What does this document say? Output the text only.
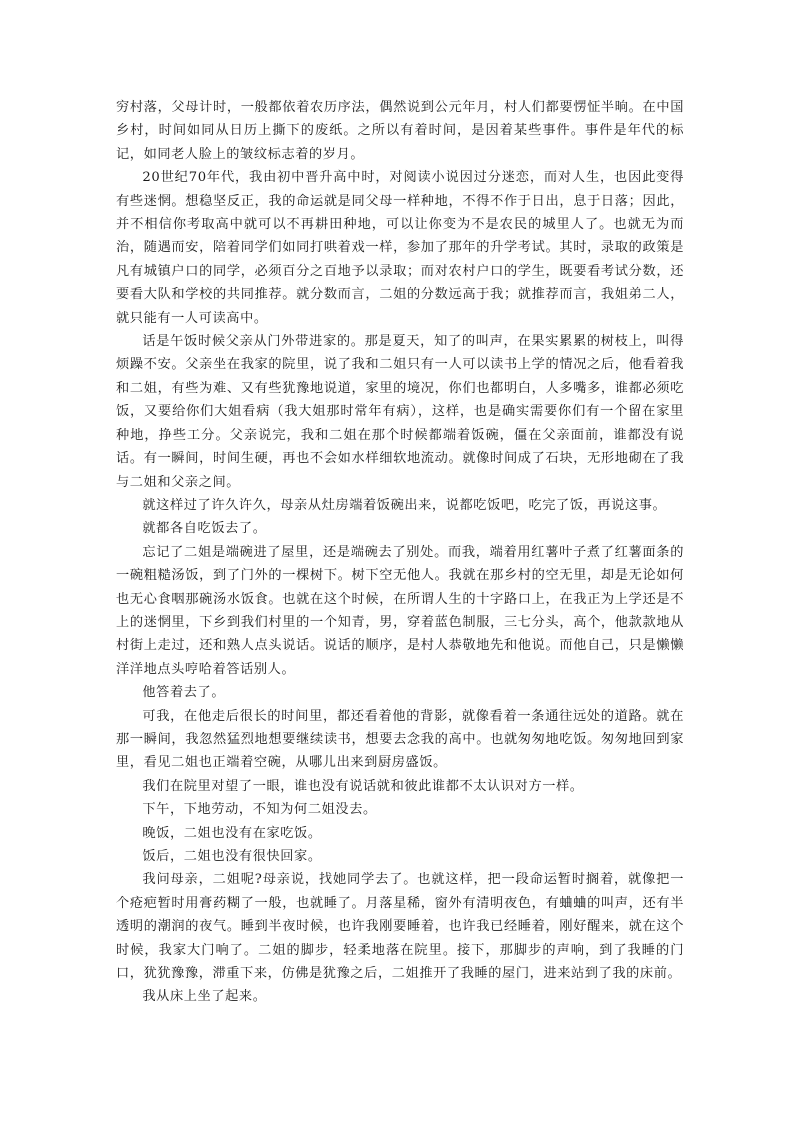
穷村落，父母计时，一般都依着农历序法，偶然说到公元年月，村人们都要愣怔半晌。在中国乡村，时间如同从日历上撕下的废纸。之所以有着时间，是因着某些事件。事件是年代的标记，如同老人脸上的皱纹标志着的岁月。

20世纪70年代，我由初中晋升高中时，对阅读小说因过分迷恋，而对人生，也因此变得有些迷惘。想稳坚反正，我的命运就是同父母一样种地，不得不作于日出，息于日落；因此，并不相信你考取高中就可以不再耕田种地，可以让你变为不是农民的城里人了。也就无为而治，随遇而安，陪着同学们如同打哄着戏一样，参加了那年的升学考试。其时，录取的政策是凡有城镇户口的同学，必须百分之百地予以录取；而对农村户口的学生，既要看考试分数，还要看大队和学校的共同推荐。就分数而言，二姐的分数远高于我；就推荐而言，我姐弟二人，就只能有一人可读高中。

话是午饭时候父亲从门外带进家的。那是夏天，知了的叫声，在果实累累的树枝上，叫得烦躁不安。父亲坐在我家的院里，说了我和二姐只有一人可以读书上学的情况之后，他看着我和二姐，有些为难、又有些犹豫地说道，家里的境况，你们也都明白，人多嘴多，谁都必须吃饭，又要给你们大姐看病（我大姐那时常年有病），这样，也是确实需要你们有一个留在家里种地，挣些工分。父亲说完，我和二姐在那个时候都端着饭碗，僵在父亲面前，谁都没有说话。有一瞬间，时间生硬，再也不会如水样细软地流动。就像时间成了石块，无形地砌在了我与二姐和父亲之间。

就这样过了许久许久，母亲从灶房端着饭碗出来，说都吃饭吧，吃完了饭，再说这事。

就都各自吃饭去了。

忘记了二姐是端碗进了屋里，还是端碗去了别处。而我，端着用红薯叶子煮了红薯面条的一碗粗糙汤饭，到了门外的一棵树下。树下空无他人。我就在那乡村的空无里，却是无论如何也无心食咽那碗汤水饭食。也就在这个时候，在所谓人生的十字路口上，在我正为上学还是不上的迷惘里，下乡到我们村里的一个知青，男，穿着蓝色制服，三七分头，高个，他款款地从村街上走过，还和熟人点头说话。说话的顺序，是村人恭敬地先和他说。而他自己，只是懒懒洋洋地点头哼哈着答话别人。

他答着去了。

可我，在他走后很长的时间里，都还看着他的背影，就像看着一条通往远处的道路。就在那一瞬间，我忽然猛烈地想要继续读书，想要去念我的高中。也就匆匆地吃饭。匆匆地回到家里，看见二姐也正端着空碗，从哪儿出来到厨房盛饭。

我们在院里对望了一眼，谁也没有说话就和彼此谁都不太认识对方一样。

下午，下地劳动，不知为何二姐没去。

晚饭，二姐也没有在家吃饭。

饭后，二姐也没有很快回家。

我问母亲，二姐呢?母亲说，找她同学去了。也就这样，把一段命运暂时搁着，就像把一个疮疤暂时用膏药糊了一般，也就睡了。月落星稀，窗外有清明夜色，有蛐蛐的叫声，还有半透明的潮润的夜气。睡到半夜时候，也许我刚要睡着，也许我已经睡着，刚好醒来，就在这个时候，我家大门响了。二姐的脚步，轻柔地落在院里。接下，那脚步的声响，到了我睡的门口，犹犹豫豫，滞重下来，仿佛是犹豫之后，二姐推开了我睡的屋门，进来站到了我的床前。

我从床上坐了起来。
